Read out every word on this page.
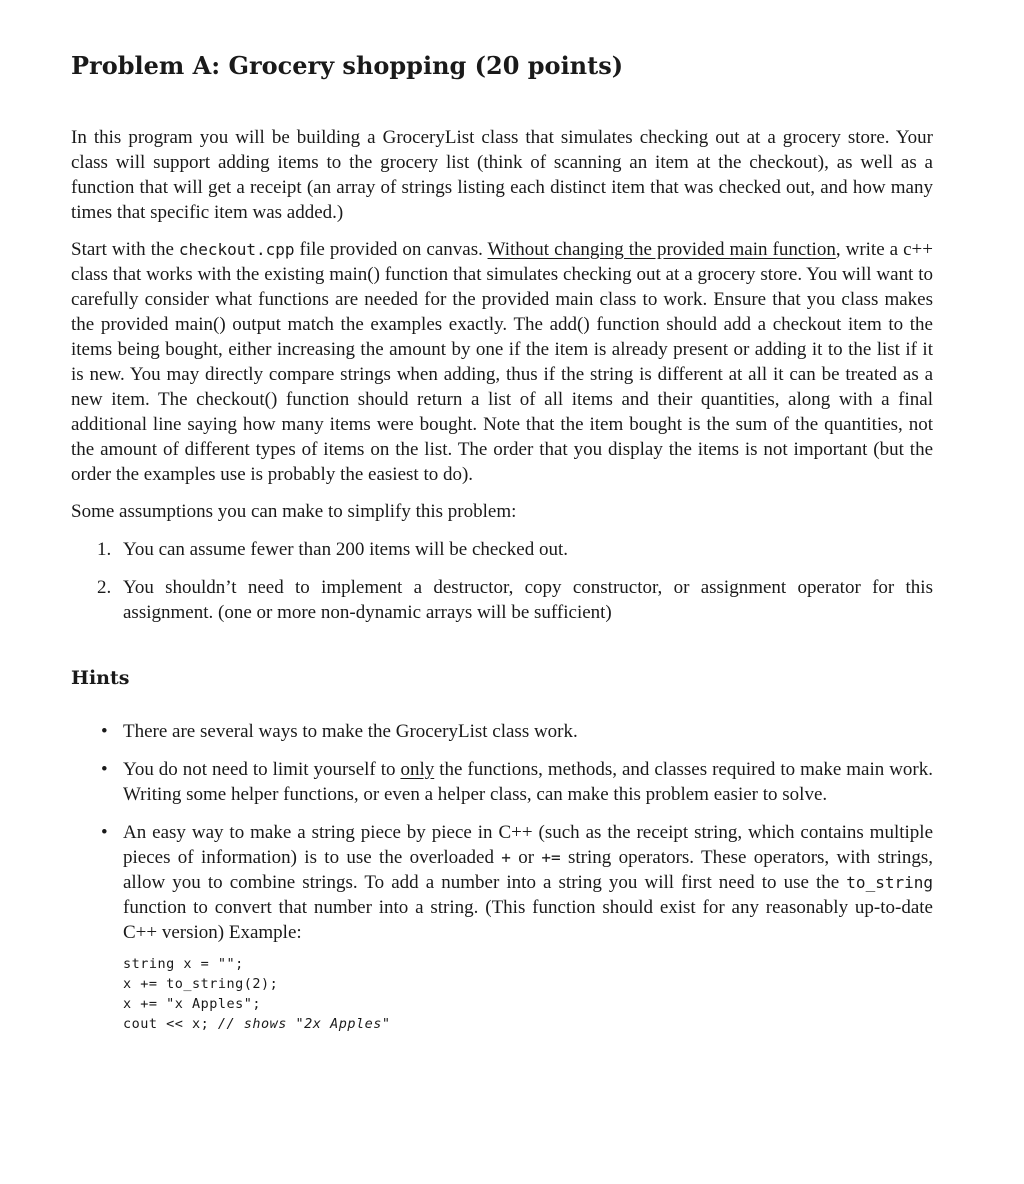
Problem A: Grocery shopping (20 points)

In this program you will be building a GroceryList class that simulates checking out at a grocery store. Your class will support adding items to the grocery list (think of scanning an item at the checkout), as well as a function that will get a receipt (an array of strings listing each distinct item that was checked out, and how many times that specific item was added.)

Start with the checkout.cpp file provided on canvas. Without changing the provided main function, write a c++ class that works with the existing main() function that simulates checking out at a grocery store. You will want to carefully consider what functions are needed for the provided main class to work. Ensure that you class makes the provided main() output match the examples exactly. The add() function should add a checkout item to the items being bought, either increasing the amount by one if the item is already present or adding it to the list if it is new. You may directly compare strings when adding, thus if the string is different at all it can be treated as a new item. The checkout() function should return a list of all items and their quantities, along with a final additional line saying how many items were bought. Note that the item bought is the sum of the quantities, not the amount of different types of items on the list. The order that you display the items is not important (but the order the examples use is probably the easiest to do).

Some assumptions you can make to simplify this problem:

1. You can assume fewer than 200 items will be checked out.
2. You shouldn’t need to implement a destructor, copy constructor, or assignment operator for this assignment. (one or more non-dynamic arrays will be sufficient)
Hints
• There are several ways to make the GroceryList class work.
• You do not need to limit yourself to only the functions, methods, and classes required to make main work. Writing some helper functions, or even a helper class, can make this problem easier to solve.
• An easy way to make a string piece by piece in C++ (such as the receipt string, which contains multiple pieces of information) is to use the overloaded + or += string operators. These operators, with strings, allow you to combine strings. To add a number into a string you will first need to use the to_string function to convert that number into a string. (This function should exist for any reasonably up-to-date C++ version) Example:
string x = "";
x += to_string(2);
x += "x Apples";
cout << x; // shows "2x Apples"
